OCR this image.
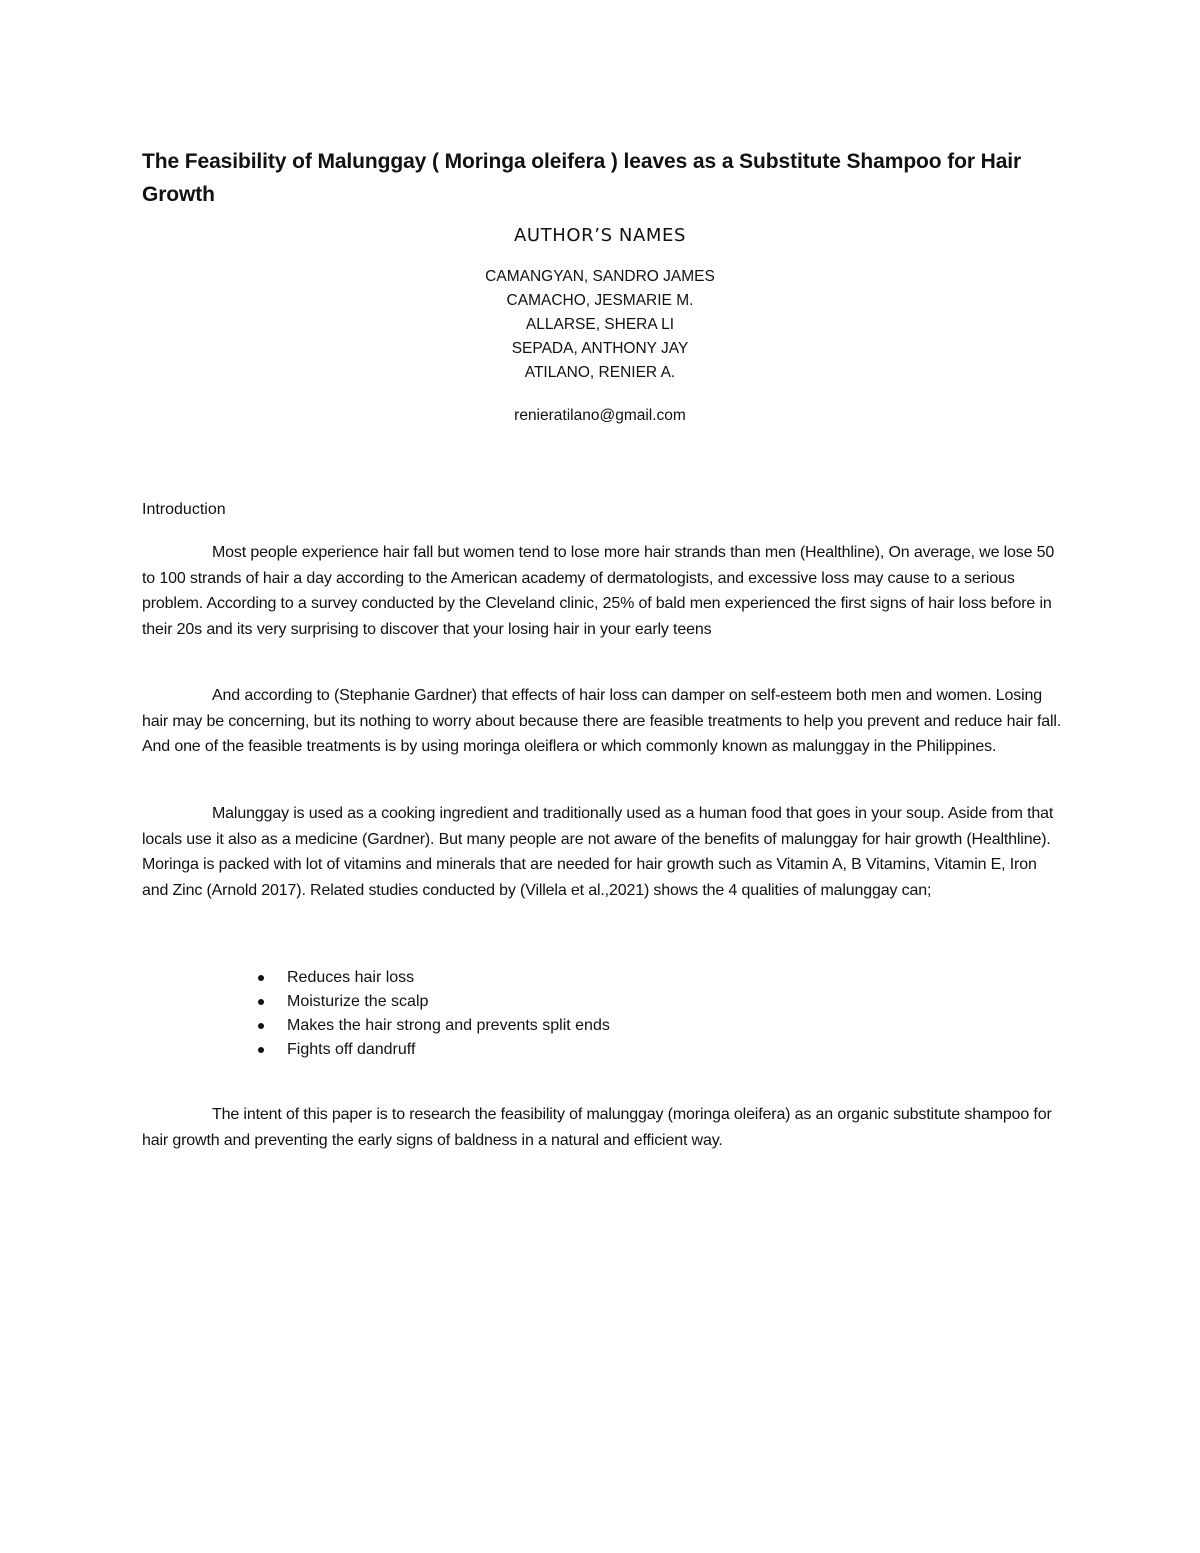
The Feasibility of Malunggay ( Moringa oleifera ) leaves as a Substitute Shampoo for Hair Growth
AUTHOR’S NAMES
CAMANGYAN, SANDRO JAMES
CAMACHO, JESMARIE M.
ALLARSE, SHERA LI
SEPADA, ANTHONY JAY
ATILANO, RENIER A.
renieratilano@gmail.com
Introduction

Most people experience hair fall but women tend to lose more hair strands than men (Healthline), On average, we lose 50 to 100 strands of hair a day according to the American academy of dermatologists, and excessive loss may cause to a serious problem. According to a survey conducted by the Cleveland clinic, 25% of bald men experienced the first signs of hair loss before in their 20s and its very surprising to discover that your losing hair in your early teens

And according to (Stephanie Gardner) that effects of hair loss can damper on self-esteem both men and women. Losing hair may be concerning, but its nothing to worry about because there are feasible treatments to help you prevent and reduce hair fall. And one of the feasible treatments is by using moringa oleiflera or which commonly known as malunggay in the Philippines.

Malunggay is used as a cooking ingredient and traditionally used as a human food that goes in your soup. Aside from that locals use it also as a medicine (Gardner). But many people are not aware of the benefits of malunggay for hair growth (Healthline). Moringa is packed with lot of vitamins and minerals that are needed for hair growth such as Vitamin A, B Vitamins, Vitamin E, Iron and Zinc (Arnold 2017). Related studies conducted by (Villela et al.,2021) shows the 4 qualities of malunggay can;

Reduces hair loss
Moisturize the scalp
Makes the hair strong and prevents split ends
Fights off dandruff

The intent of this paper is to research the feasibility of malunggay (moringa oleifera) as an organic substitute shampoo for hair growth and preventing the early signs of baldness in a natural and efficient way.
